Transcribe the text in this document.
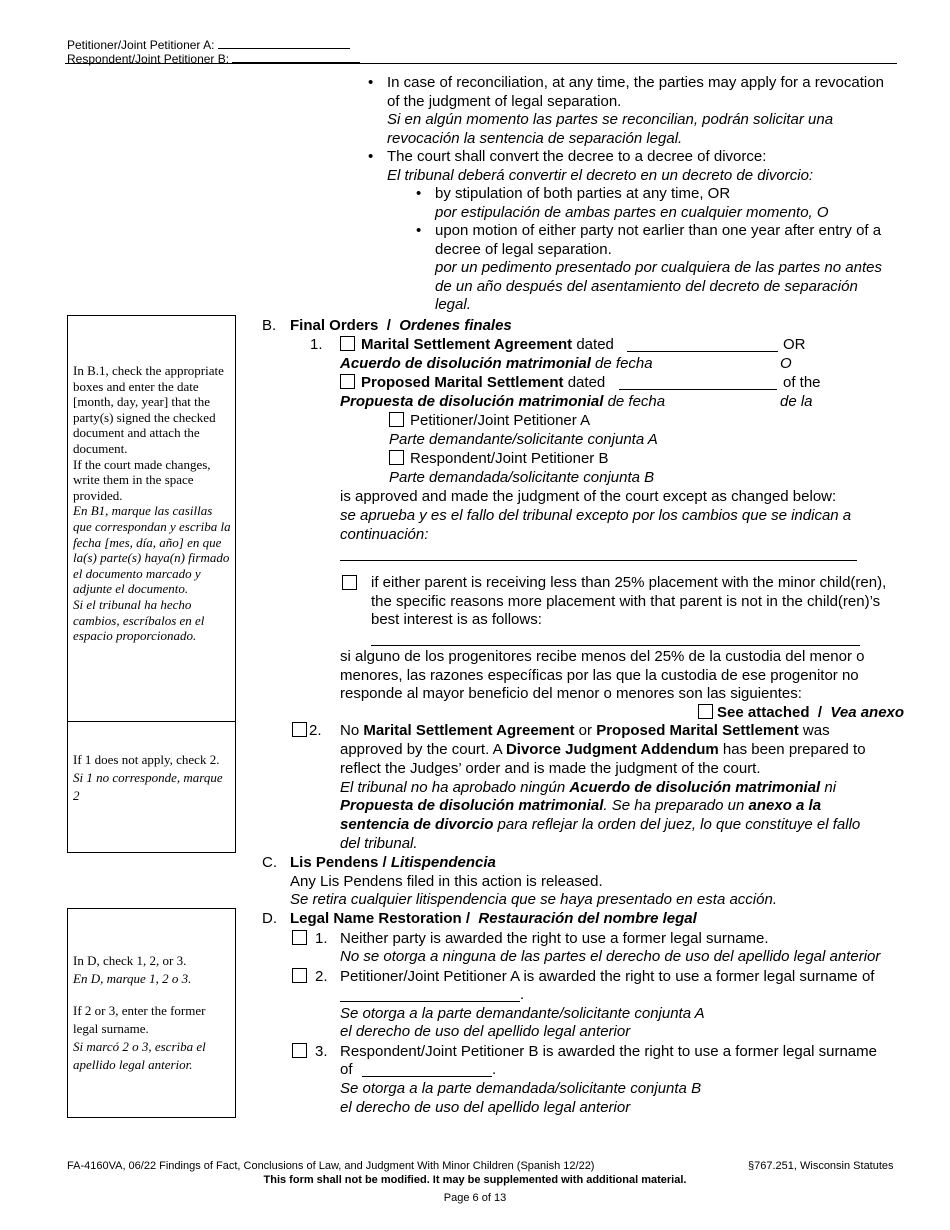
Petitioner/Joint Petitioner A:
Respondent/Joint Petitioner B:
• In case of reconciliation, at any time, the parties may apply for a revocation
of the judgment of legal separation.
Si en algún momento las partes se reconcilian, podrán solicitar una
revocación la sentencia de separación legal.
• The court shall convert the decree to a decree of divorce:
El tribunal deberá convertir el decreto en un decreto de divorcio:
• by stipulation of both parties at any time, OR
por estipulación de ambas partes en cualquier momento, O
• upon motion of either party not earlier than one year after entry of a
decree of legal separation.
por un pedimento presentado por cualquiera de las partes no antes
de un año después del asentamiento del decreto de separación
legal.

In B.1, check the appropriate boxes and enter the date [month, day, year] that the party(s) signed the checked document and attach the document.

If the court made changes, write them in the space provided.

En B1, marque las casillas que correspondan y escriba la fecha [mes, día, año] en que la(s) parte(s) haya(n) firmado el documento marcado y adjunte el documento.

Si el tribunal ha hecho cambios, escríbalos en el espacio proporcionado.

If 1 does not apply, check 2.

Si 1 no corresponde, marque 2

In D, check 1, 2, or 3.

En D, marque 1, 2 o 3.

If 2 or 3, enter the former legal surname.

Si marcó 2 o 3, escriba el apellido legal anterior.

B. Final Orders / Ordenes finales
1.	Marital Settlement Agreement dated	OR
Acuerdo de disolución matrimonial de fecha	O
Proposed Marital Settlement dated	of the
Propuesta de disolución matrimonial de fecha	de la
Petitioner/Joint Petitioner A
Parte demandante/solicitante conjunta A
Respondent/Joint Petitioner B
Parte demandada/solicitante conjunta B
is approved and made the judgment of the court except as changed below:
se aprueba y es el fallo del tribunal excepto por los cambios que se indican a
continuación:
if either parent is receiving less than 25% placement with the minor child(ren),
the specific reasons more placement with that parent is not in the child(ren)’s
best interest is as follows:
si alguno de los progenitores recibe menos del 25% de la custodia del menor o
menores, las razones específicas por las que la custodia de ese progenitor no
responde al mayor beneficio del menor o menores son las siguientes:
See attached / Vea anexo
2. No Marital Settlement Agreement or Proposed Marital Settlement was
approved by the court. A Divorce Judgment Addendum has been prepared to
reflect the Judges’ order and is made the judgment of the court.
El tribunal no ha aprobado ningún Acuerdo de disolución matrimonial ni
Propuesta de disolución matrimonial. Se ha preparado un anexo a la
sentencia de divorcio para reflejar la orden del juez, lo que constituye el fallo
del tribunal.
C. Lis Pendens / Litispendencia
Any Lis Pendens filed in this action is released.
Se retira cualquier litispendencia que se haya presentado en esta acción.
D. Legal Name Restoration / Restauración del nombre legal
1. Neither party is awarded the right to use a former legal surname.
No se otorga a ninguna de las partes el derecho de uso del apellido legal anterior
2. Petitioner/Joint Petitioner A is awarded the right to use a former legal surname of
.
Se otorga a la parte demandante/solicitante conjunta A
el derecho de uso del apellido legal anterior
3. Respondent/Joint Petitioner B is awarded the right to use a former legal surname
of	.
Se otorga a la parte demandada/solicitante conjunta B
el derecho de uso del apellido legal anterior
FA-4160VA, 06/22 Findings of Fact, Conclusions of Law, and Judgment With Minor Children (Spanish 12/22)	§767.251, Wisconsin Statutes
This form shall not be modified. It may be supplemented with additional material.
Page 6 of 13
